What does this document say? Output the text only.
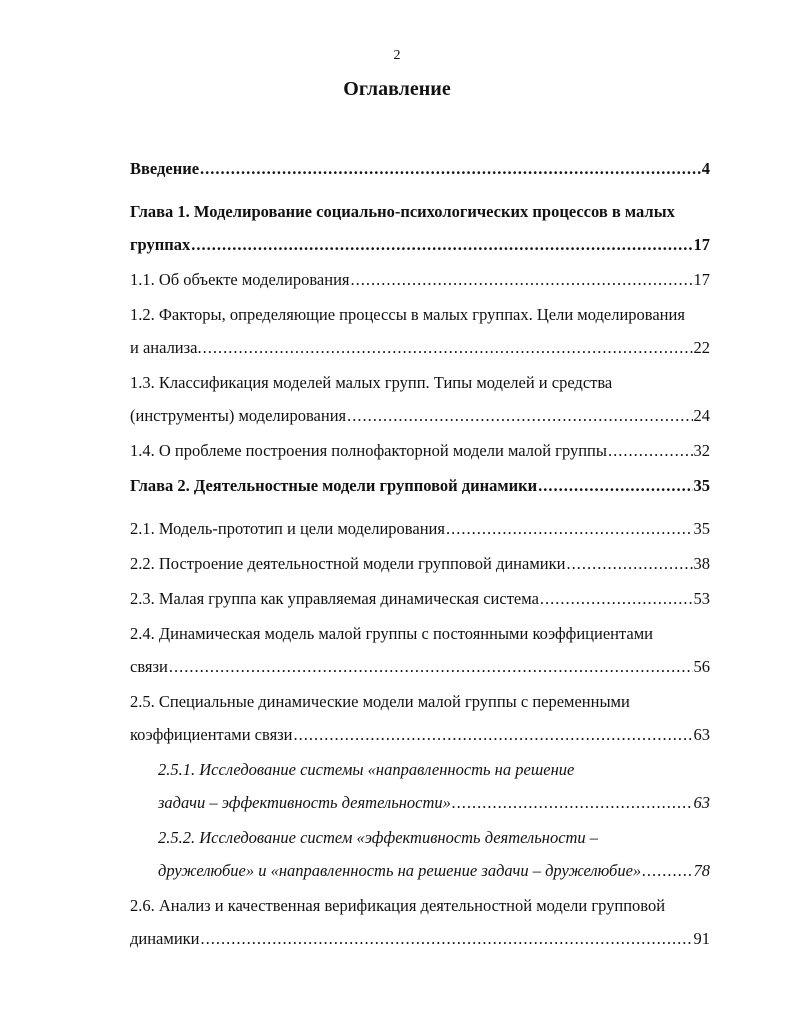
2
Оглавление
Введение .....	4
Глава 1. Моделирование социально-психологических процессов в малых
группах .....	17
1.1. Об объекте моделирования .....	17
1.2. Факторы, определяющие процессы в малых группах. Цели моделирования
и анализа. .....	22
1.3. Классификация моделей малых групп. Типы моделей и средства
(инструменты) моделирования .....	24
1.4. О проблеме построения полнофакторной модели малой группы .....	32
Глава 2. Деятельностные модели групповой динамики .....	35
2.1. Модель-прототип и цели моделирования .....	35
2.2. Построение деятельностной модели групповой динамики .....	38
2.3. Малая группа как управляемая динамическая система .....	53
2.4. Динамическая модель малой группы с постоянными коэффициентами
связи .....	56
2.5. Специальные динамические модели малой группы с переменными
коэффициентами связи .....	63
2.5.1. Исследование системы «направленность на решение
задачи – эффективность деятельности» .....	63
2.5.2. Исследование систем «эффективность деятельности –
дружелюбие» и «направленность на решение задачи – дружелюбие» .....	78
2.6. Анализ и качественная верификация деятельностной модели групповой
динамики .....	91
